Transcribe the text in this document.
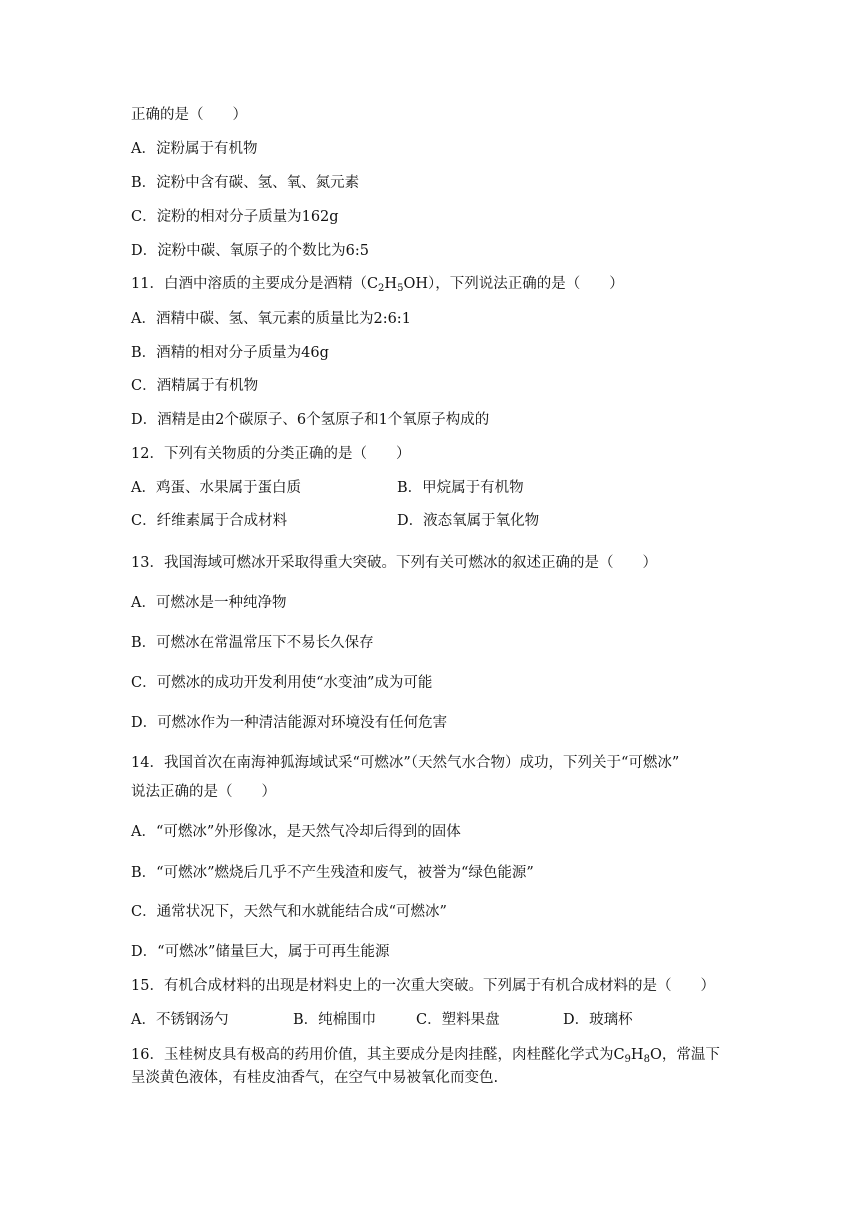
正确的是（　　）
A．淀粉属于有机物
B．淀粉中含有碳、氢、氧、氮元素
C．淀粉的相对分子质量为162g
D．淀粉中碳、氧原子的个数比为6:5
11．白酒中溶质的主要成分是酒精$(C_2H_5OH)$，下列说法正确的是（　　）
A．酒精中碳、氢、氧元素的质量比为2:6:1
B．酒精的相对分子质量为46g
C．酒精属于有机物
D．酒精是由2个碳原子、6个氢原子和1个氧原子构成的
12．下列有关物质的分类正确的是（　　）
A．鸡蛋、水果属于蛋白质	B．甲烷属于有机物
C．纤维素属于合成材料	D．液态氧属于氧化物
13．我国海域可燃冰开采取得重大突破。下列有关可燃冰的叙述正确的是（　　）
A．可燃冰是一种纯净物
B．可燃冰在常温常压下不易长久保存
C．可燃冰的成功开发利用使“水变油”成为可能
D．可燃冰作为一种清洁能源对环境没有任何危害
14．我国首次在南海神狐海域试采“可燃冰”（天然气水合物）成功，下列关于“可燃冰”
说法正确的是（　　）
A．“可燃冰”外形像冰，是天然气冷却后得到的固体
B．“可燃冰”燃烧后几乎不产生残渣和废气，被誉为“绿色能源”
C．通常状况下，天然气和水就能结合成“可燃冰”
D．“可燃冰”储量巨大，属于可再生能源
15．有机合成材料的出现是材料史上的一次重大突破。下列属于有机合成材料的是（　　）
A．不锈钢汤勺	B．纯棉围巾	C．塑料果盘	D．玻璃杯
16．玉桂树皮具有极高的药用价值，其主要成分是肉挂醛，肉桂醛化学式为$C_9H_8O$，常温下
呈淡黄色液体，有桂皮油香气，在空气中易被氧化而变色.
